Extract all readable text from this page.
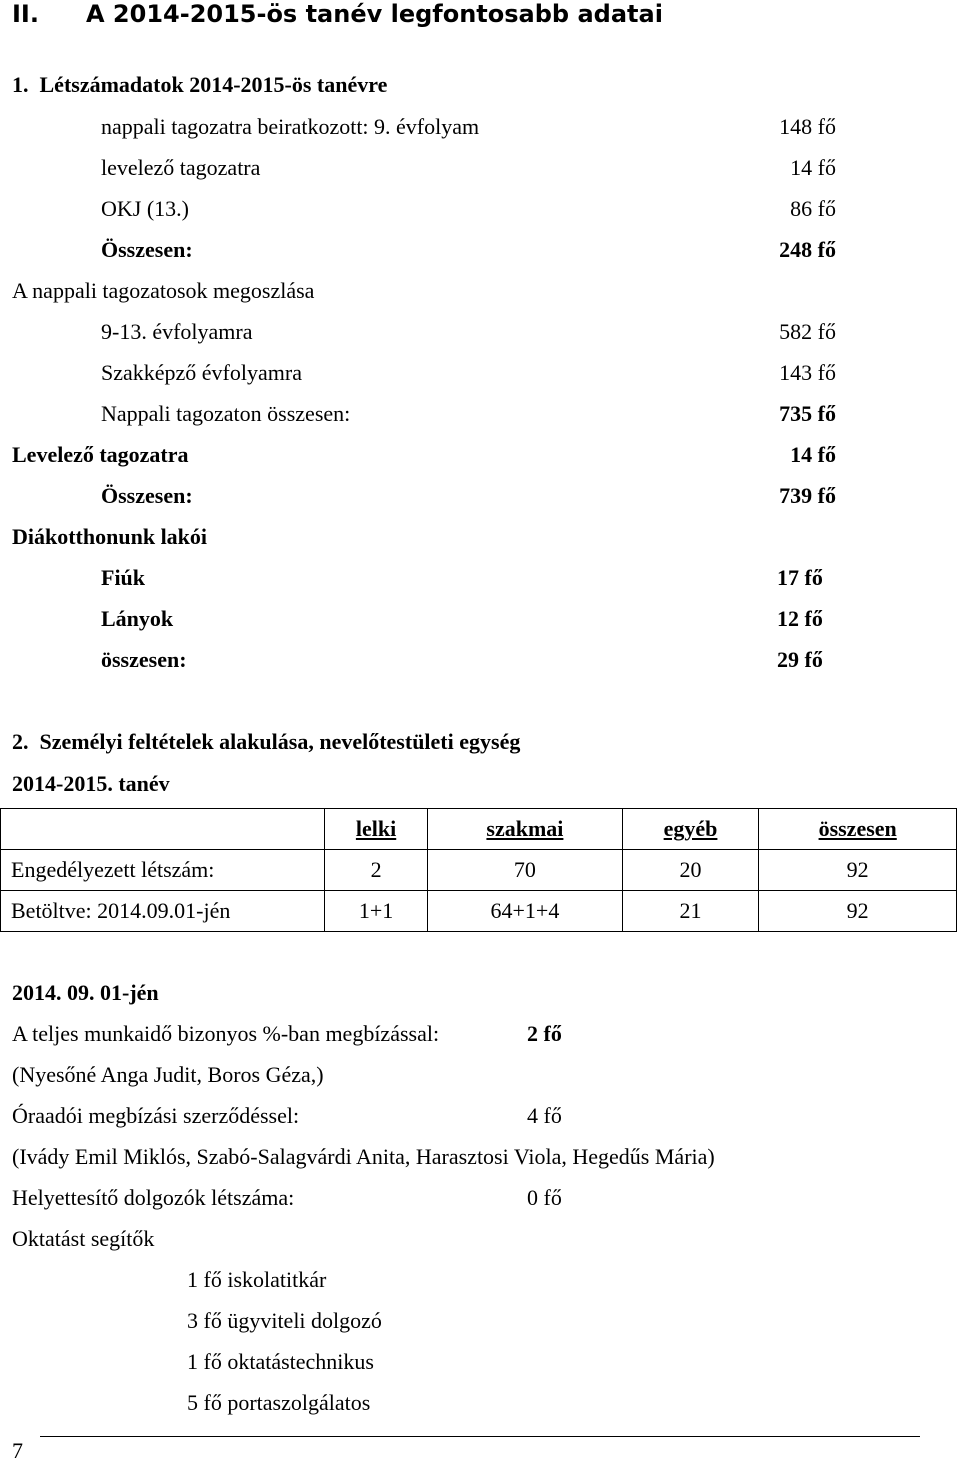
II. A 2014-2015-ös tanév legfontosabb adatai
1.  Létszámadatok 2014-2015-ös tanévre
nappali tagozatra beiratkozott: 9. évfolyam	148 fő
levelező tagozatra	14 fő
OKJ (13.)	86 fő
Összesen:	248 fő
A nappali tagozatosok megoszlása
9-13. évfolyamra	582 fő
Szakképző évfolyamra	143 fő
Nappali tagozaton összesen:	735 fő
Levelező tagozatra	14 fő
Összesen:	739 fő
Diákotthonunk lakói
Fiúk	17 fő
Lányok	12 fő
összesen:	29 fő
2.  Személyi feltételek alakulása, nevelőtestületi egység
2014-2015. tanév
	lelki	szakmai	egyéb	összesen
Engedélyezett létszám:	2	70	20	92
Betöltve: 2014.09.01-jén	1+1	64+1+4	21	92
2014. 09. 01-jén
A teljes munkaidő bizonyos %-ban megbízással:	2 fő
(Nyesőné Anga Judit, Boros Géza,)
Óraadói megbízási szerződéssel:	4 fő
(Ivády Emil Miklós, Szabó-Salagvárdi Anita, Harasztosi Viola, Hegedűs Mária)
Helyettesítő dolgozók létszáma:	0 fő
Oktatást segítők
1 fő iskolatitkár
3 fő ügyviteli dolgozó
1 fő oktatástechnikus
5 fő portaszolgálatos
7
